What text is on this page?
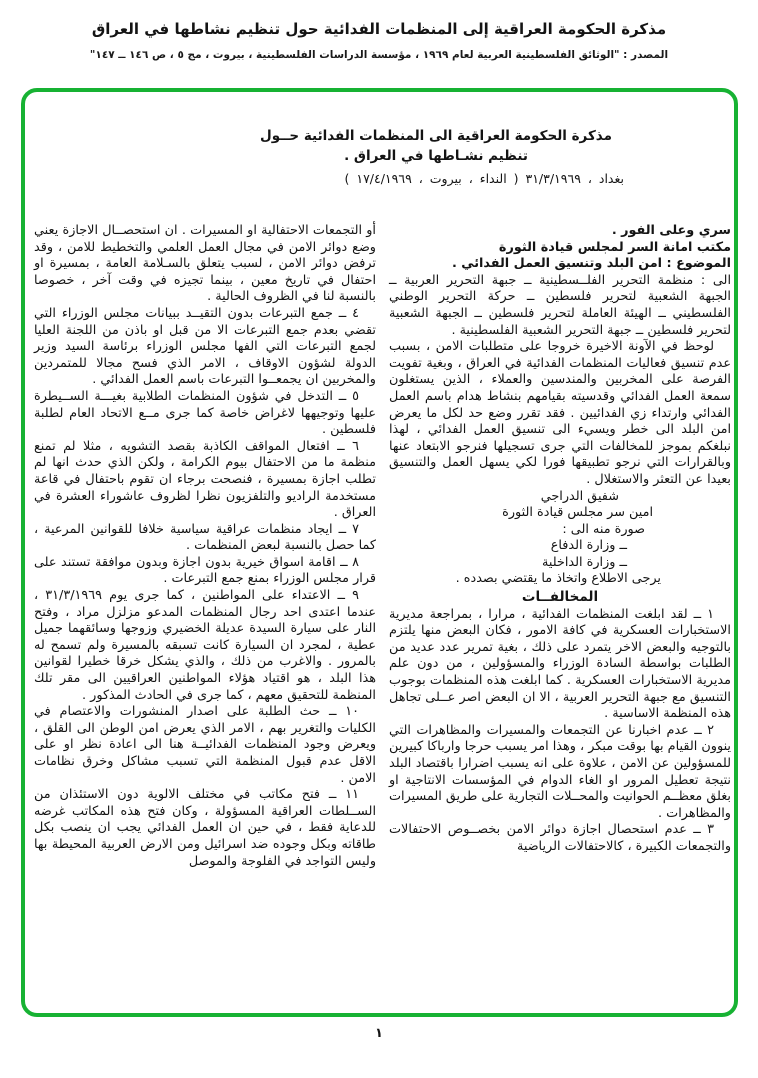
مذكرة الحكومة العراقية إلى المنظمات الفدائية حول تنظيم نشاطها في العراق
المصدر : "الوثائق الفلسطينية العربية لعام ١٩٦٩ ، مؤسسة الدراسات الفلسطينية ، بيروت ، مج ٥ ، ص ١٤٦ ــ ١٤٧"
مذكرة الحكومة العراقية الى المنظمات الفدائية حــول
تنظيم نشـاطها في العراق .
بغداد ، ٣١/٣/١٩٦٩ ( النداء ، بيروت ، ١٧/٤/١٩٦٩ )

سري وعلى الفور .

مكتب امانة السر لمجلس قيادة الثورة

الموضوع : امن البلد وتنسيق العمل الفدائي .

الى : منظمة التحرير الفلــسطينية ــ جبهة التحرير العربية ــ الجبهة الشعبية لتحرير فلسطين ــ حركة التحرير الوطني الفلسطيني ــ الهيئة العاملة لتحرير فلسطين ــ الجبهة الشعبية لتحرير فلسطين ــ جبهة التحرير الشعبية الفلسطينية .

لوحظ في الآونة الاخيرة خروجا على متطلبات الامن ، بسبب عدم تنسيق فعاليات المنظمات الفدائية في العراق ، وبغية تفويت الفرصة على المخربين والمندسين والعملاء ، الذين يستغلون سمعة العمل الفدائي وقدسيته بقيامهم بنشاط هدام باسم العمل الفدائي وارتداء زي الفدائيين . فقد تقرر وضع حد لكل ما يعرض امن البلد الى خطر ويسيء الى تنسيق العمل الفدائي ، لهذا نبلغكم بموجز للمخالفات التي جرى تسجيلها فنرجو الابتعاد عنها وبالقرارات التي نرجو تطبيقها فورا لكي يسهل العمل والتنسيق بعيدا عن التعثر والاستغلال .

شفيق الدراجي

امين سر مجلس قيادة الثورة

صورة منه الى :

ــ وزارة الدفاع

ــ وزارة الداخلية

يرجى الاطلاع واتخاذ ما يقتضي بصدده .

المخالفــات

١ ــ لقد ابلغت المنظمات الفدائية ، مرارا ، بمراجعة مديرية الاستخبارات العسكرية في كافة الامور ، فكان البعض منها يلتزم بالتوجيه والبعض الاخر يتمرد على ذلك ، بغية تمرير عدد عديد من الطلبات بواسطة السادة الوزراء والمسؤولين ، من دون علم مديرية الاستخبارات العسكرية . كما ابلغت هذه المنظمات بوجوب التنسيق مع جبهة التحرير العربية ، الا ان البعض اصر عــلى تجاهل هذه المنظمة الاساسية .

٢ ــ عدم اخبارنا عن التجمعات والمسيرات والمظاهرات التي ينوون القيام بها بوقت مبكر ، وهذا امر يسبب حرجا وارباكا كبيرين للمسؤولين عن الامن ، علاوة على انه يسبب اضرارا باقتصاد البلد نتيجة تعطيل المرور او الغاء الدوام في المؤسسات الانتاجية او بغلق معظــم الحوانيت والمحــلات التجارية على طريق المسيرات والمظاهرات .

٣ ــ عدم استحصال اجازة دوائر الامن بخصــوص الاحتفالات والتجمعات الكبيرة ، كالاحتفالات الرياضية

أو التجمعات الاحتفالية او المسيرات . ان استحصــال الاجازة يعني وضع دوائر الامن في مجال العمل العلمي والتخطيط للامن ، وقد ترفض دوائر الامن ، لسبب يتعلق بالسـلامة العامة ، بمسيرة او احتفال في تاريخ معين ، بينما تجيزه في وقت آخر ، خصوصا بالنسبة لنا في الظروف الحالية .

٤ ــ جمع التبرعات بدون التقيــد ببيانات مجلس الوزراء التي تقضي بعدم جمع التبرعات الا من قبل او باذن من اللجنة العليا لجمع التبرعات التي الفها مجلس الوزراء برئاسة السيد وزير الدولة لشؤون الاوقاف ، الامر الذي فسح مجالا للمتمردين والمخربين ان يجمعــوا التبرعات باسم العمل الفدائي .

٥ ــ التدخل في شؤون المنظمات الطلابية بغيـــة الســيطرة عليها وتوجيهها لاغراض خاصة كما جرى مــع الاتحاد العام لطلبة فلسطين .

٦ ــ افتعال المواقف الكاذبة بقصد التشويه ، مثلا لم تمنع منظمة ما من الاحتفال بيوم الكرامة ، ولكن الذي حدث انها لم تطلب اجازة بمسيرة ، فنصحت برجاء ان تقوم باحتفال في قاعة مستخدمة الراديو والتلفزيون نظرا لظروف عاشوراء العشرة في العراق .

٧ ــ ايجاد منظمات عراقية سياسية خلافا للقوانين المرعية ، كما حصل بالنسبة لبعض المنظمات .

٨ ــ اقامة اسواق خيرية بدون اجازة وبدون موافقة تستند على قرار مجلس الوزراء بمنع جمع التبرعات .

٩ ــ الاعتداء على المواطنين ، كما جرى يوم ٣١/٣/١٩٦٩ ، عندما اعتدى احد رجال المنظمات المدعو مزلزل مراد ، وفتح النار على سيارة السيدة عديلة الخضيري وزوجها وسائقهما جميل عطية ، لمجرد ان السيارة كانت تسبقه بالمسيرة ولم تسمح له بالمرور . والاغرب من ذلك ، والذي يشكل خرقا خطيرا لقوانين هذا البلد ، هو اقتياد هؤلاء المواطنين العراقيين الى مقر تلك المنظمة للتحقيق معهم ، كما جرى في الحادث المذكور .

١٠ ــ حث الطلبة على اصدار المنشورات والاعتصام في الكليات والتغرير بهم ، الامر الذي يعرض امن الوطن الى القلق ، ويعرض وجود المنظمات الفدائيــة هنا الى اعادة نظر او على الاقل عدم قبول المنظمة التي تسبب مشاكل وخرق نظامات الامن .

١١ ــ فتح مكاتب في مختلف الالوية دون الاستئذان من الســلطات العراقية المسؤولة ، وكان فتح هذه المكاتب غرضه للدعاية فقط ، في حين ان العمل الفدائي يجب ان ينصب بكل طاقاته وبكل وجوده ضد اسرائيل ومن الارض العربية المحيطة بها وليس التواجد في الفلوجة والموصل

١
